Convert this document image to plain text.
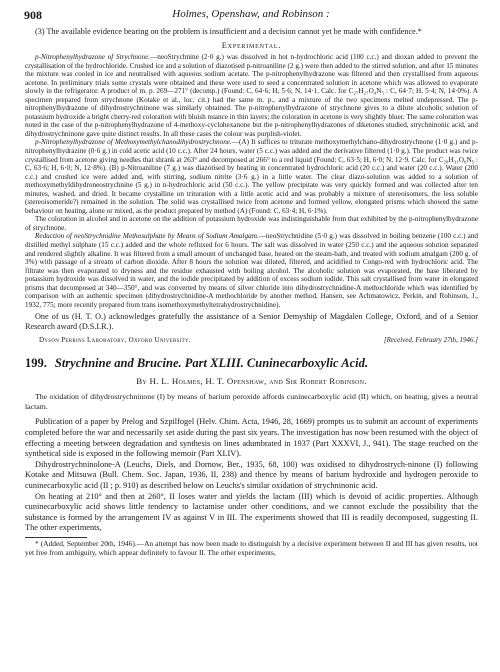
908	Holmes, Openshaw, and Robinson :

(3) The available evidence bearing on the problem is insufficient and a decision cannot yet be made with confidence.*

Experimental.

p-Nitrophenylhydrazone of Strychnone.—neoStrychnine (2·0 g.) was dissolved in hot n-hydrochloric acid (100 c.c.) and dioxan added to prevent the crystallisation of the hydrochloride. Crushed ice and a solution of diazotised p-nitroaniline (2 g.) were then added to the stirred solution, and after 15 minutes the mixture was cooled in ice and neutralised with aqueous sodium acetate. The p-nitrophenylhydrazone was filtered and then crystallised from aqueous acetone. In preliminary trials some crystals were obtained and these were used to seed a concentrated solution in acetone which was allowed to evaporate slowly in the refrigerator. A product of m. p. 269—271° (decomp.) (Found: C, 64·6; H, 5·6; N, 14·1. Calc. for C₂₇H₂₇O₄N₅ : C, 64·7; H, 5·4; N, 14·0%). A specimen prepared from strychnone (Kotake et al., loc. cit.) had the same m. p., and a mixture of the two specimens melted undepressed. The p-nitrophenylhydrazone of dihydrostrychninone was similarly obtained. The p-nitrophenylhydrazone of strychnone gives to a dilute alcoholic solution of potassium hydroxide a bright cherry-red coloration with bluish nuance in thin layers; the coloration in acetone is very slightly bluer. The same coloration was noted in the case of the p-nitrophenylhydrazone of 4-methoxy-cyclohexanone but the p-nitrophenylhydrazones of diketones studied, strychninonic acid, and dihydrostrychninone gave quite distinct results. In all these cases the colour was purplish-violet.

p-Nitrophenylhydrazone of Methoxymethylchanodihydrostrychnone.—(A) It suffices to triturate methoxymethylchano-dihydrostrychnone (1·0 g.) and p-nitrophenylhydrazine (0·6 g.) in cold acetic acid (10 c.c.). After 24 hours, water (5 c.c.) was added and the derivative filtered (1·0 g.). The product was twice crystallised from acetone giving needles that shrank at 263° and decomposed at 266° to a red liquid (Found: C, 63·5; H, 6·0; N, 12·9. Calc. for C₂₈H₃₁O₆N₅ : C, 63·6; H, 6·0; N, 12·8%). (B) p-Nitroaniline (7 g.) was diazotised by heating in concentrated hydrochloric acid (20 c.c.) and water (20 c.c.). Water (200 c.c.) and crushed ice were added and, with stirring, sodium nitrite (3·6 g.) in a little water. The clear diazo-solution was added to a solution of methoxymethyldihydroneostrychnine (5 g.) in n-hydrochloric acid (50 c.c.). The yellow precipitate was very quickly formed and was collected after ten minutes, washed, and dried. It became crystalline on trituration with a little acetic acid and was probably a mixture of stereoisomers, the less soluble (stereoisomeride?) remained in the solution. The solid was crystallised twice from acetone and formed yellow, elongated prisms which showed the same behaviour on heating, alone or mixed, as the product prepared by method (A) (Found: C, 63·4; H, 6·1%).

The coloration in alcohol and in acetone on the addition of potassium hydroxide was indistinguishable from that exhibited by the p-nitrophenylhydrazone of strychnone.

Reduction of neoStrychnidine Methosulphate by Means of Sodium Amalgam.—neoStrychnidine (5·0 g.) was dissolved in boiling benzene (100 c.c.) and distilled methyl sulphate (15 c.c.) added and the whole refluxed for 6 hours. The salt was dissolved in water (250 c.c.) and the aqueous solution separated and rendered slightly alkaline. It was filtered from a small amount of unchanged base, heated on the steam-bath, and treated with sodium amalgam (200 g. of 3%) with passage of a stream of carbon dioxide. After 8 hours the solution was diluted, filtered, and acidified to Congo-red with hydrochloric acid. The filtrate was then evaporated to dryness and the residue exhausted with boiling alcohol. The alcoholic solution was evaporated, the base liberated by potassium hydroxide was dissolved in water, and the iodide precipitated by addition of excess sodium iodide. This salt crystallised from water in elongated prisms that decomposed at 340—350°, and was converted by means of silver chloride into dihydrostrychnidine-A methochloride which was identified by comparison with an authentic specimen (dihydrostrychnidine-A methochloride by another method, Hansen, see Achmatowicz, Perkin, and Robinson, J., 1932, 775; more recently prepared from trans isomethoxymethyltetrahydrostrychnidine).

One of us (H. T. O.) acknowledges gratefully the assistance of a Senior Demyship of Magdalen College, Oxford, and of a Senior Research award (D.S.I.R.).

Dyson Perrins Laboratory, Oxford University.	[Received, February 27th, 1946.]
199. Strychnine and Brucine. Part XLIII. Cuninecarboxylic Acid.
By H. L. Holmes, H. T. Openshaw, and Sir Robert Robinson.

The oxidation of dihydrostrychninone (I) by means of barium peroxide affords cuninecarboxylic acid (II) which, on heating, gives a neutral lactam.

Publication of a paper by Prelog and Szpilfogel (Helv. Chim. Acta, 1946, 28, 1669) prompts us to submit an account of experiments completed before the war and necessarily set aside during the past six years. The investigation has now been resumed with the object of effecting a meeting between degradation and synthesis on lines adumbrated in 1937 (Part XXXVI, J., 941). The stage reached on the synthetical side is exposed in the following memoir (Part XLIV).

Dihydrostrychninolone-A (Leuchs, Diels, and Dornow, Ber., 1935, 68, 100) was oxidised to dihydrostrych-ninone (I) following Kotake and Mitsuwa (Bull. Chem. Soc. Japan, 1936, II, 238) and thence by means of barium hydroxide and hydrogen peroxide to cuninecarboxylic acid (II ; p. 910) as described below on Leuchs's similar oxidation of strychninonic acid.

On heating at 210° and then at 260°, II loses water and yields the lactam (III) which is devoid of acidic properties. Although cuninecarboxylic acid shows little tendency to lactamise under other conditions, and we cannot exclude the possibility that the substance is formed by the arrangement IV as against V in III. The experiments showed that III is readily decomposed, suggesting II. The other experiments,

* (Added, September 20th, 1946).—An attempt has now been made to distinguish by a decisive experiment between II and III has given results, not yet free from ambiguity, which appear definitely to favour II. The other experiments,
